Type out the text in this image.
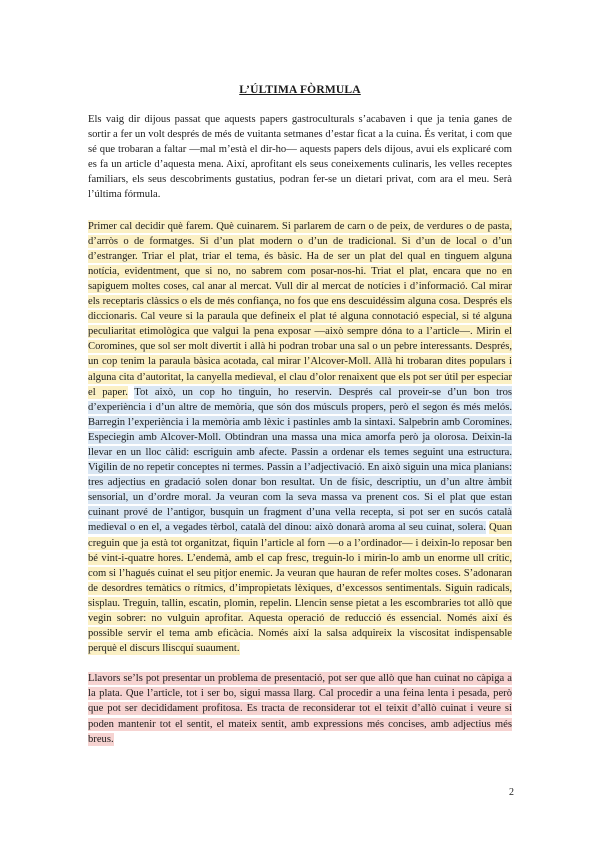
L’ÚLTIMA FÒRMULA

Els vaig dir dijous passat que aquests papers gastroculturals s’acabaven i que ja tenia ganes de sortir a fer un volt després de més de vuitanta setmanes d’estar ficat a la cuina. És veritat, i com que sé que trobaran a faltar —mal m’està el dir-ho— aquests papers dels dijous, avui els explicaré com es fa un article d’aquesta mena. Així, aprofitant els seus coneixements culinaris, les velles receptes familiars, els seus descobriments gustatius, podran fer-se un dietari privat, com ara el meu. Serà l’última fórmula.

Primer cal decidir què farem. Què cuinarem. Si parlarem de carn o de peix, de verdures o de pasta, d’arròs o de formatges. Si d’un plat modern o d’un de tradicional. Si d’un de local o d’un d’estranger. Triar el plat, triar el tema, és bàsic. Ha de ser un plat del qual en tinguem alguna notícia, evidentment, que si no, no sabrem com posar-nos-hi. Triat el plat, encara que no en sapiguem moltes coses, cal anar al mercat. Vull dir al mercat de notícies i d’informació. Cal mirar els receptaris clàssics o els de més confiança, no fos que ens descuidéssim alguna cosa. Després els diccionaris. Cal veure si la paraula que defineix el plat té alguna connotació especial, si té alguna peculiaritat etimològica que valgui la pena exposar —això sempre dóna to a l’article—. Mirin el Coromines, que sol ser molt divertit i allà hi podran trobar una sal o un pebre interessants. Després, un cop tenim la paraula bàsica acotada, cal mirar l’Alcover-Moll. Allà hi trobaran dites populars i alguna cita d’autoritat, la canyella medieval, el clau d’olor renaixent que els pot ser útil per especiar el paper. Tot això, un cop ho tinguin, ho reservin. Després cal proveir-se d’un bon tros d’experiència i d’un altre de memòria, que són dos músculs propers, però el segon és més melós. Barregin l’experiència i la memòria amb lèxic i pastinles amb la sintaxi. Salpebrin amb Coromines. Especiegin amb Alcover-Moll. Obtindran una massa una mica amorfa però ja olorosa. Deixin-la llevar en un lloc càlid: escriguin amb afecte. Passin a ordenar els temes seguint una estructura. Vigilin de no repetir conceptes ni termes. Passin a l’adjectivació. En això siguin una mica planians: tres adjectius en gradació solen donar bon resultat. Un de físic, descriptiu, un d’un altre àmbit sensorial, un d’ordre moral. Ja veuran com la seva massa va prenent cos. Si el plat que estan cuinant prové de l’antigor, busquin un fragment d’una vella recepta, si pot ser en sucós català medieval o en el, a vegades tèrbol, català del dinou: això donarà aroma al seu cuinat, solera. Quan creguin que ja està tot organitzat, fiquin l’article al forn —o a l’ordinador— i deixin-lo reposar ben bé vint-i-quatre hores. L’endemà, amb el cap fresc, treguin-lo i mirin-lo amb un enorme ull crític, com si l’hagués cuinat el seu pitjor enemic. Ja veuran que hauran de refer moltes coses. S’adonaran de desordres temàtics o rítmics, d’impropietats lèxiques, d’excessos sentimentals. Siguin radicals, sisplau. Treguin, tallin, escatin, plomin, repelin. Llencin sense pietat a les escombraries tot allò que vegin sobrer: no vulguin aprofitar. Aquesta operació de reducció és essencial. Només així és possible servir el tema amb eficàcia. Només així la salsa adquireix la viscositat indispensable perquè el discurs lliscquí suaument.

Llavors se’ls pot presentar un problema de presentació, pot ser que allò que han cuinat no càpiga a la plata. Que l’article, tot i ser bo, sigui massa llarg. Cal procedir a una feina lenta i pesada, però que pot ser decididament profitosa. Es tracta de reconsiderar tot el teixit d’allò cuinat i veure si poden mantenir tot el sentit, el mateix sentit, amb expressions més concises, amb adjectius més breus.

2
